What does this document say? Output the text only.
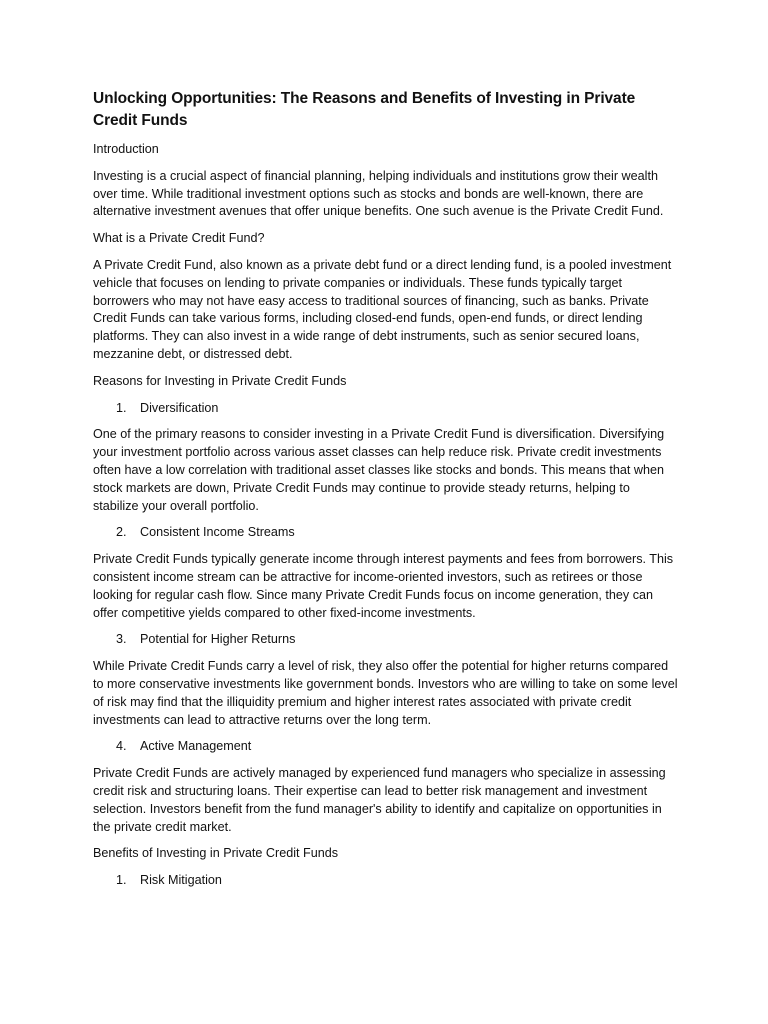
Unlocking Opportunities: The Reasons and Benefits of Investing in Private Credit Funds

Introduction

Investing is a crucial aspect of financial planning, helping individuals and institutions grow their wealth over time. While traditional investment options such as stocks and bonds are well-known, there are alternative investment avenues that offer unique benefits. One such avenue is the Private Credit Fund.

What is a Private Credit Fund?

A Private Credit Fund, also known as a private debt fund or a direct lending fund, is a pooled investment vehicle that focuses on lending to private companies or individuals. These funds typically target borrowers who may not have easy access to traditional sources of financing, such as banks. Private Credit Funds can take various forms, including closed-end funds, open-end funds, or direct lending platforms. They can also invest in a wide range of debt instruments, such as senior secured loans, mezzanine debt, or distressed debt.

Reasons for Investing in Private Credit Funds

1.	Diversification

One of the primary reasons to consider investing in a Private Credit Fund is diversification. Diversifying your investment portfolio across various asset classes can help reduce risk. Private credit investments often have a low correlation with traditional asset classes like stocks and bonds. This means that when stock markets are down, Private Credit Funds may continue to provide steady returns, helping to stabilize your overall portfolio.

2.	Consistent Income Streams

Private Credit Funds typically generate income through interest payments and fees from borrowers. This consistent income stream can be attractive for income-oriented investors, such as retirees or those looking for regular cash flow. Since many Private Credit Funds focus on income generation, they can offer competitive yields compared to other fixed-income investments.

3.	Potential for Higher Returns

While Private Credit Funds carry a level of risk, they also offer the potential for higher returns compared to more conservative investments like government bonds. Investors who are willing to take on some level of risk may find that the illiquidity premium and higher interest rates associated with private credit investments can lead to attractive returns over the long term.

4.	Active Management

Private Credit Funds are actively managed by experienced fund managers who specialize in assessing credit risk and structuring loans. Their expertise can lead to better risk management and investment selection. Investors benefit from the fund manager's ability to identify and capitalize on opportunities in the private credit market.

Benefits of Investing in Private Credit Funds

1.	Risk Mitigation
